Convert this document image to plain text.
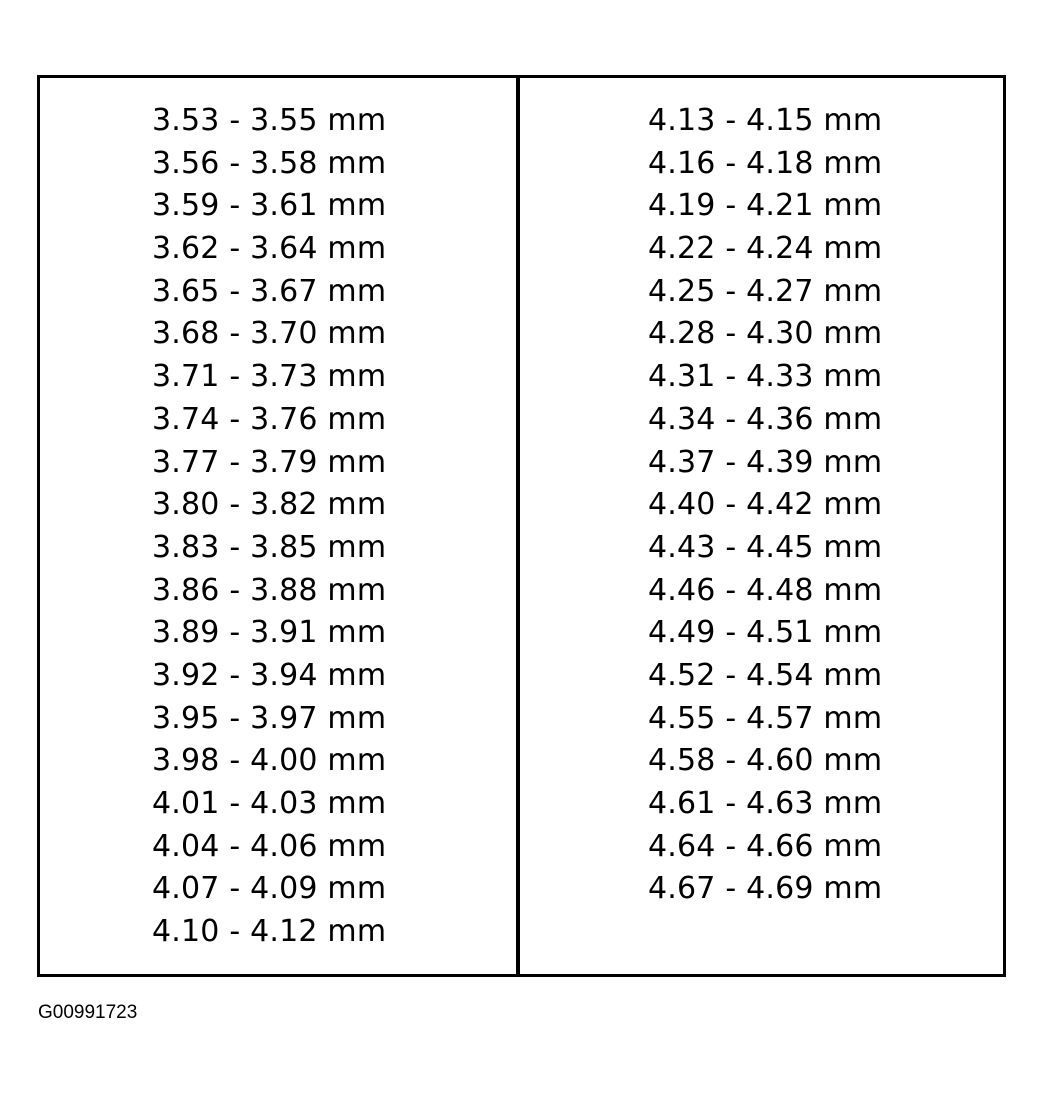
3.53 - 3.55 mm
3.56 - 3.58 mm
3.59 - 3.61 mm
3.62 - 3.64 mm
3.65 - 3.67 mm
3.68 - 3.70 mm
3.71 - 3.73 mm
3.74 - 3.76 mm
3.77 - 3.79 mm
3.80 - 3.82 mm
3.83 - 3.85 mm
3.86 - 3.88 mm
3.89 - 3.91 mm
3.92 - 3.94 mm
3.95 - 3.97 mm
3.98 - 4.00 mm
4.01 - 4.03 mm
4.04 - 4.06 mm
4.07 - 4.09 mm
4.10 - 4.12 mm
4.13 - 4.15 mm
4.16 - 4.18 mm
4.19 - 4.21 mm
4.22 - 4.24 mm
4.25 - 4.27 mm
4.28 - 4.30 mm
4.31 - 4.33 mm
4.34 - 4.36 mm
4.37 - 4.39 mm
4.40 - 4.42 mm
4.43 - 4.45 mm
4.46 - 4.48 mm
4.49 - 4.51 mm
4.52 - 4.54 mm
4.55 - 4.57 mm
4.58 - 4.60 mm
4.61 - 4.63 mm
4.64 - 4.66 mm
4.67 - 4.69 mm
G00991723
